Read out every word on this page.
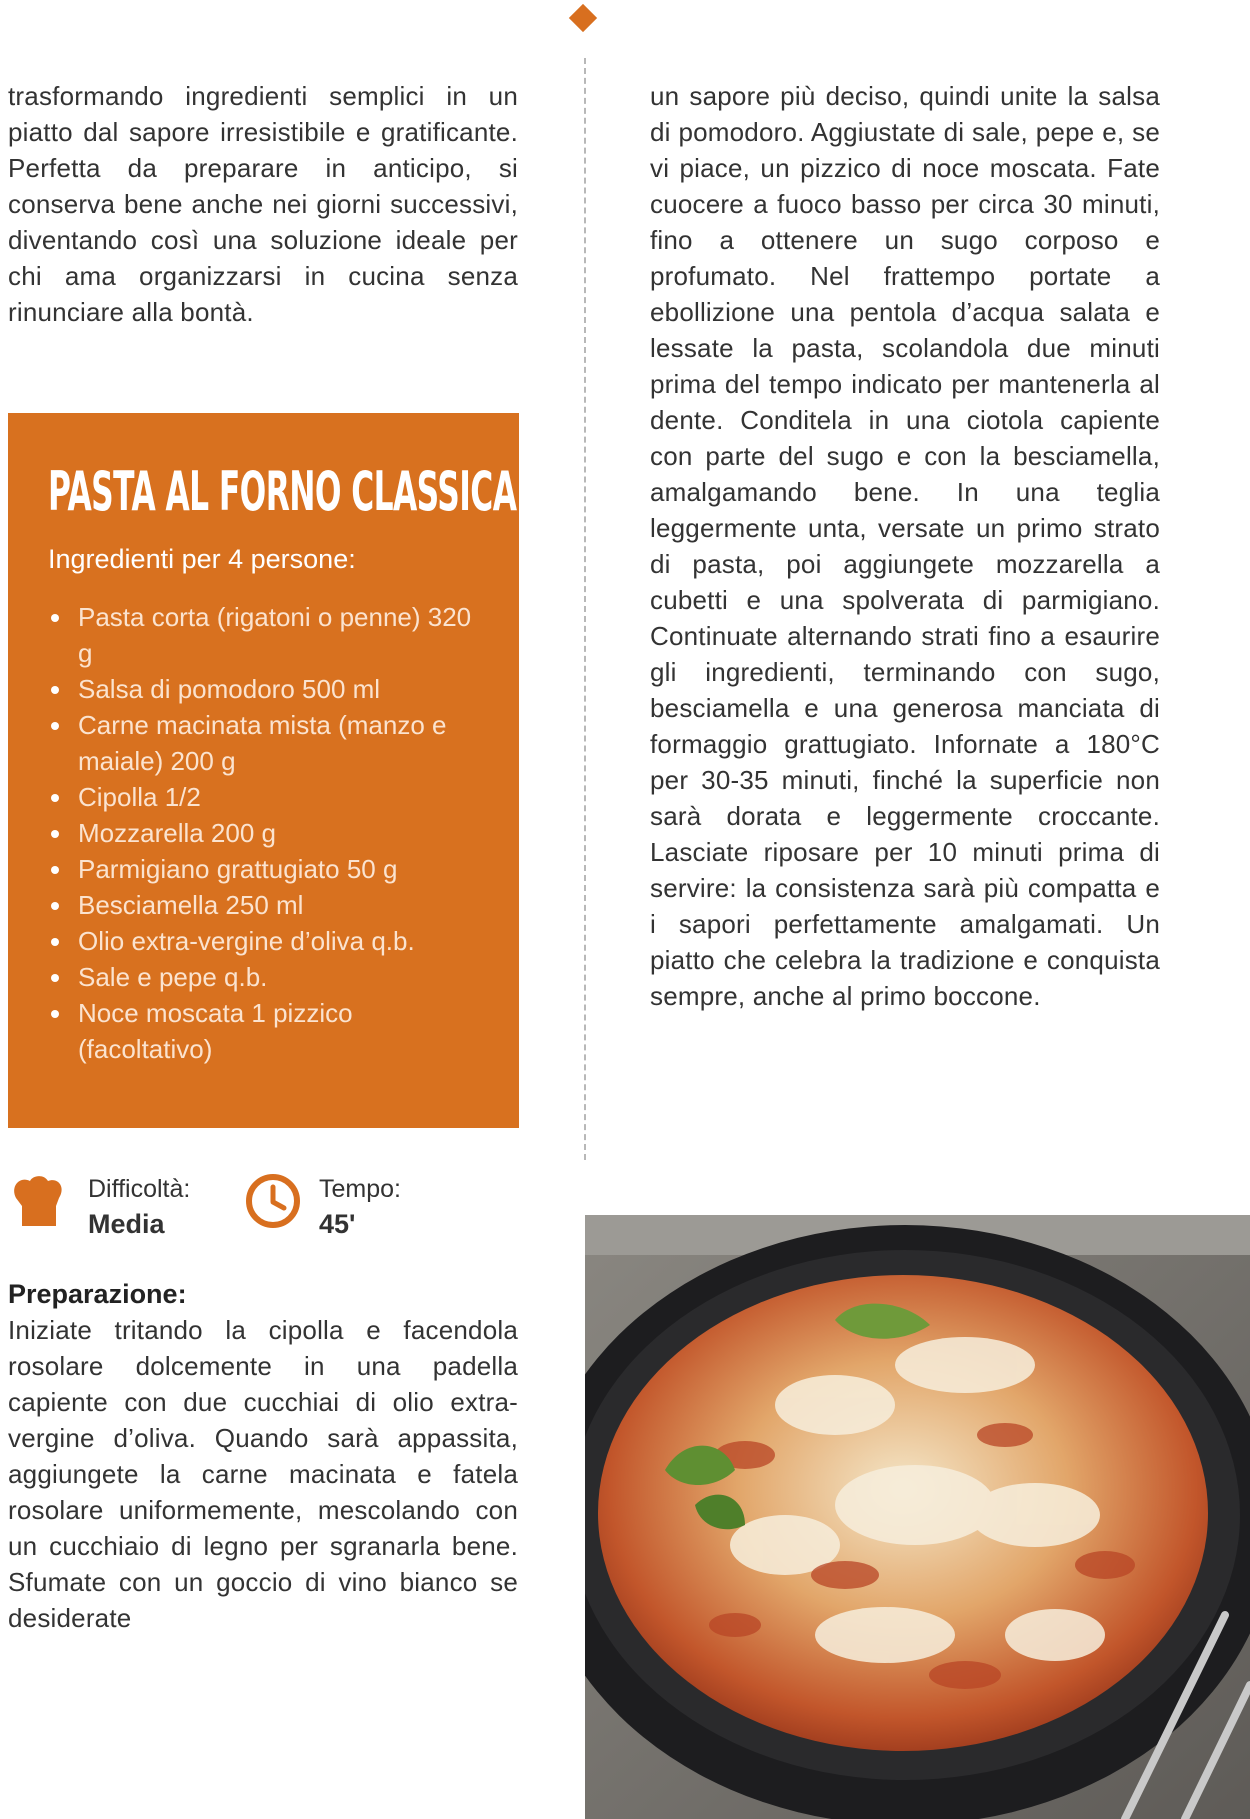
trasformando ingredienti semplici in un piatto dal sapore irresistibile e gratificante. Perfetta da preparare in anticipo, si conserva bene anche nei giorni successivi, diventando così una soluzione ideale per chi ama organizzarsi in cucina senza rinunciare alla bontà.

PASTA AL FORNO CLASSICA
Ingredienti per 4 persone:
Pasta corta (rigatoni o penne) 320 g
Salsa di pomodoro 500 ml
Carne macinata mista (manzo e maiale) 200 g
Cipolla 1/2
Mozzarella 200 g
Parmigiano grattugiato 50 g
Besciamella 250 ml
Olio extra-vergine d’oliva q.b.
Sale e pepe q.b.
Noce moscata 1 pizzico (facoltativo)
Difficoltà:
Media
Tempo:
45'
Preparazione:

Iniziate tritando la cipolla e facendola rosolare dolcemente in una padella capiente con due cucchiai di olio extra-vergine d’oliva. Quando sarà appassita, aggiungete la carne macinata e fatela rosolare uniformemente, mescolando con un cucchiaio di legno per sgranarla bene. Sfumate con un goccio di vino bianco se desiderate

un sapore più deciso, quindi unite la salsa di pomodoro. Aggiustate di sale, pepe e, se vi piace, un pizzico di noce moscata. Fate cuocere a fuoco basso per circa 30 minuti, fino a ottenere un sugo corposo e profumato. Nel frattempo portate a ebollizione una pentola d’acqua salata e lessate la pasta, scolandola due minuti prima del tempo indicato per mantenerla al dente. Conditela in una ciotola capiente con parte del sugo e con la besciamella, amalgamando bene. In una teglia leggermente unta, versate un primo strato di pasta, poi aggiungete mozzarella a cubetti e una spolverata di parmigiano. Continuate alternando strati fino a esaurire gli ingredienti, terminando con sugo, besciamella e una generosa manciata di formaggio grattugiato. Infornate a 180°C per 30-35 minuti, finché la superficie non sarà dorata e leggermente croccante. Lasciate riposare per 10 minuti prima di servire: la consistenza sarà più compatta e i sapori perfettamente amalgamati. Un piatto che celebra la tradizione e conquista sempre, anche al primo boccone.
